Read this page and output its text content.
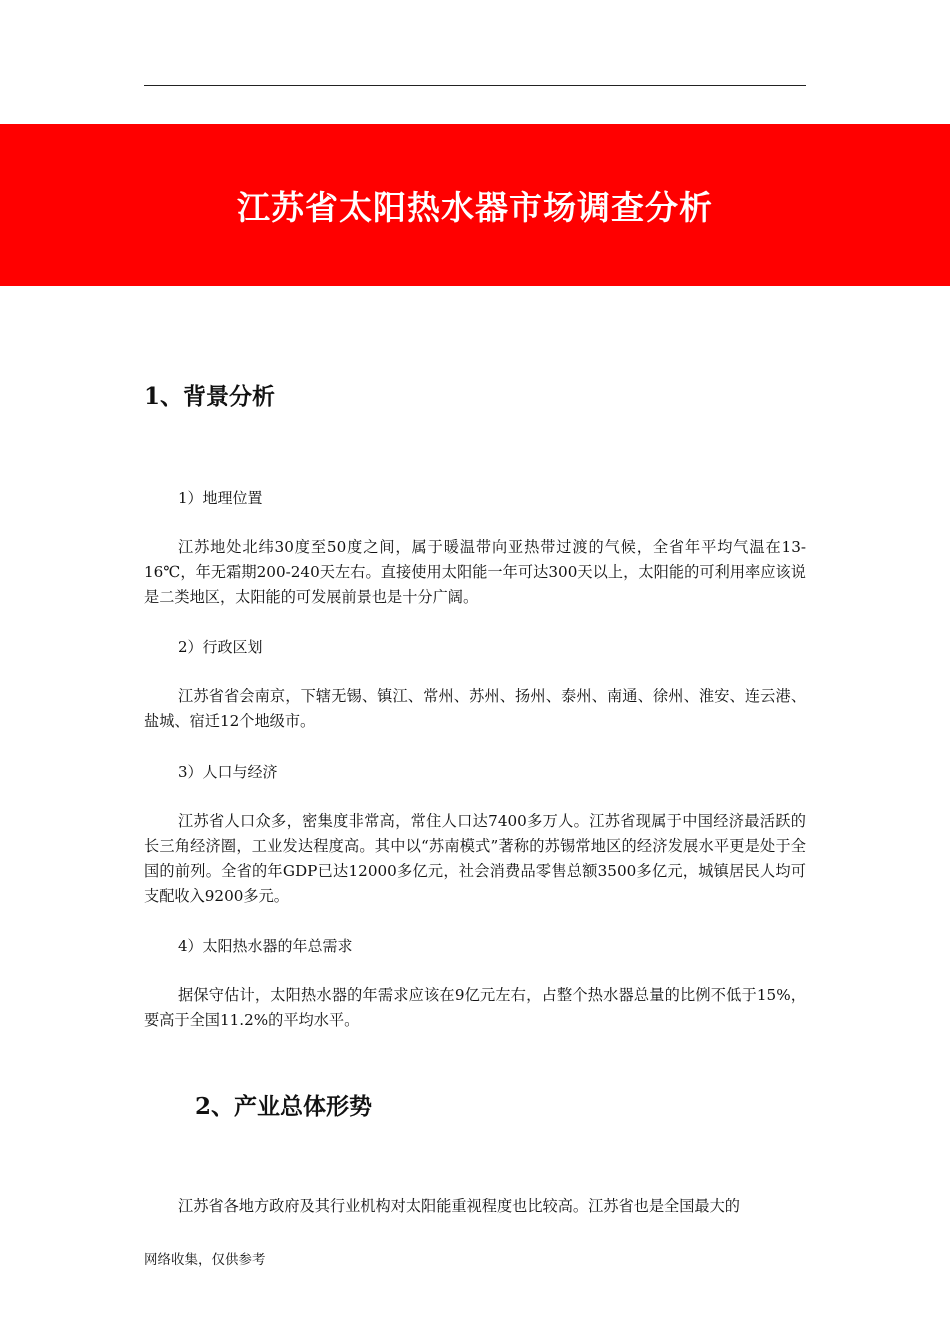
江苏省太阳热水器市场调查分析
1、背景分析

1）地理位置

江苏地处北纬30度至50度之间，属于暖温带向亚热带过渡的气候，全省年平均气温在13-16℃，年无霜期200-240天左右。直接使用太阳能一年可达300天以上，太阳能的可利用率应该说是二类地区，太阳能的可发展前景也是十分广阔。

2）行政区划

江苏省省会南京，下辖无锡、镇江、常州、苏州、扬州、泰州、南通、徐州、淮安、连云港、盐城、宿迁12个地级市。

3）人口与经济

江苏省人口众多，密集度非常高，常住人口达7400多万人。江苏省现属于中国经济最活跃的长三角经济圈，工业发达程度高。其中以“苏南模式”著称的苏锡常地区的经济发展水平更是处于全国的前列。全省的年GDP已达12000多亿元，社会消费品零售总额3500多亿元，城镇居民人均可支配收入9200多元。

4）太阳热水器的年总需求

据保守估计，太阳热水器的年需求应该在9亿元左右，占整个热水器总量的比例不低于15%，要高于全国11.2%的平均水平。

2、产业总体形势

江苏省各地方政府及其行业机构对太阳能重视程度也比较高。江苏省也是全国最大的

网络收集，仅供参考
